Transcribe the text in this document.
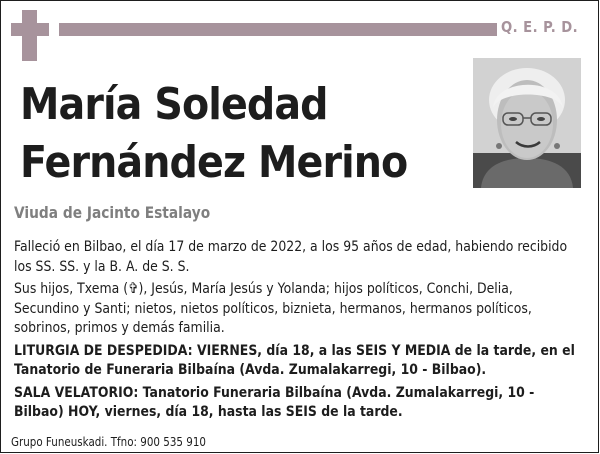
Q. E. P. D.
María Soledad
Fernández Merino
Viuda de Jacinto Estalayo

Falleció en Bilbao, el día 17 de marzo de 2022, a los 95 años de edad, habiendo recibido los SS. SS. y la B. A. de S. S.

Sus hijos, Txema (✞), Jesús, María Jesús y Yolanda; hijos políticos, Conchi, Delia, Secundino y Santi; nietos, nietos políticos, biznieta, hermanos, hermanos políticos, sobrinos, primos y demás familia.

LITURGIA DE DESPEDIDA: VIERNES, día 18, a las SEIS Y MEDIA de la tarde, en el Tanatorio de Funeraria Bilbaína (Avda. Zumalakarregi, 10 - Bilbao).

SALA VELATORIO: Tanatorio Funeraria Bilbaína (Avda. Zumalakarregi, 10 - Bilbao) HOY, viernes, día 18, hasta las SEIS de la tarde.

Grupo Funeuskadi. Tfno: 900 535 910
